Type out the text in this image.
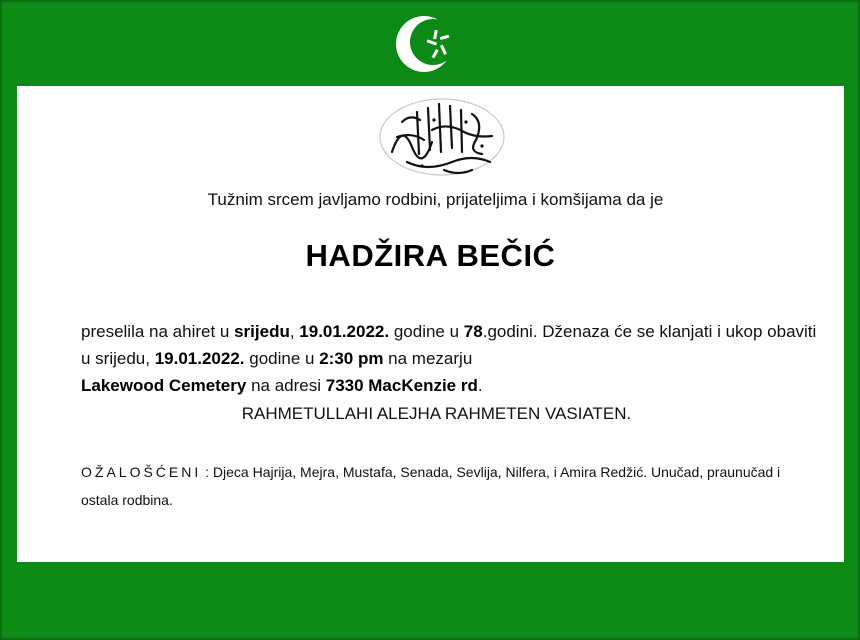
Tužnim srcem javljamo rodbini, prijateljima i komšijama da je
HADŽIRA BEČIĆ
preselila na ahiret u srijedu, 19.01.2022. godine u 78.godini. Dženaza će se klanjati i ukop obaviti u srijedu, 19.01.2022. godine u 2:30 pm na mezarju
Lakewood Cemetery na adresi 7330 MacKenzie rd.
RAHMETULLAHI ALEJHA RAHMETEN VASIATEN.
OŽALOŠĆENI : Djeca Hajrija, Mejra, Mustafa, Senada, Sevlija, Nilfera, i Amira Redžić. Unučad, praunučad i ostala rodbina.
